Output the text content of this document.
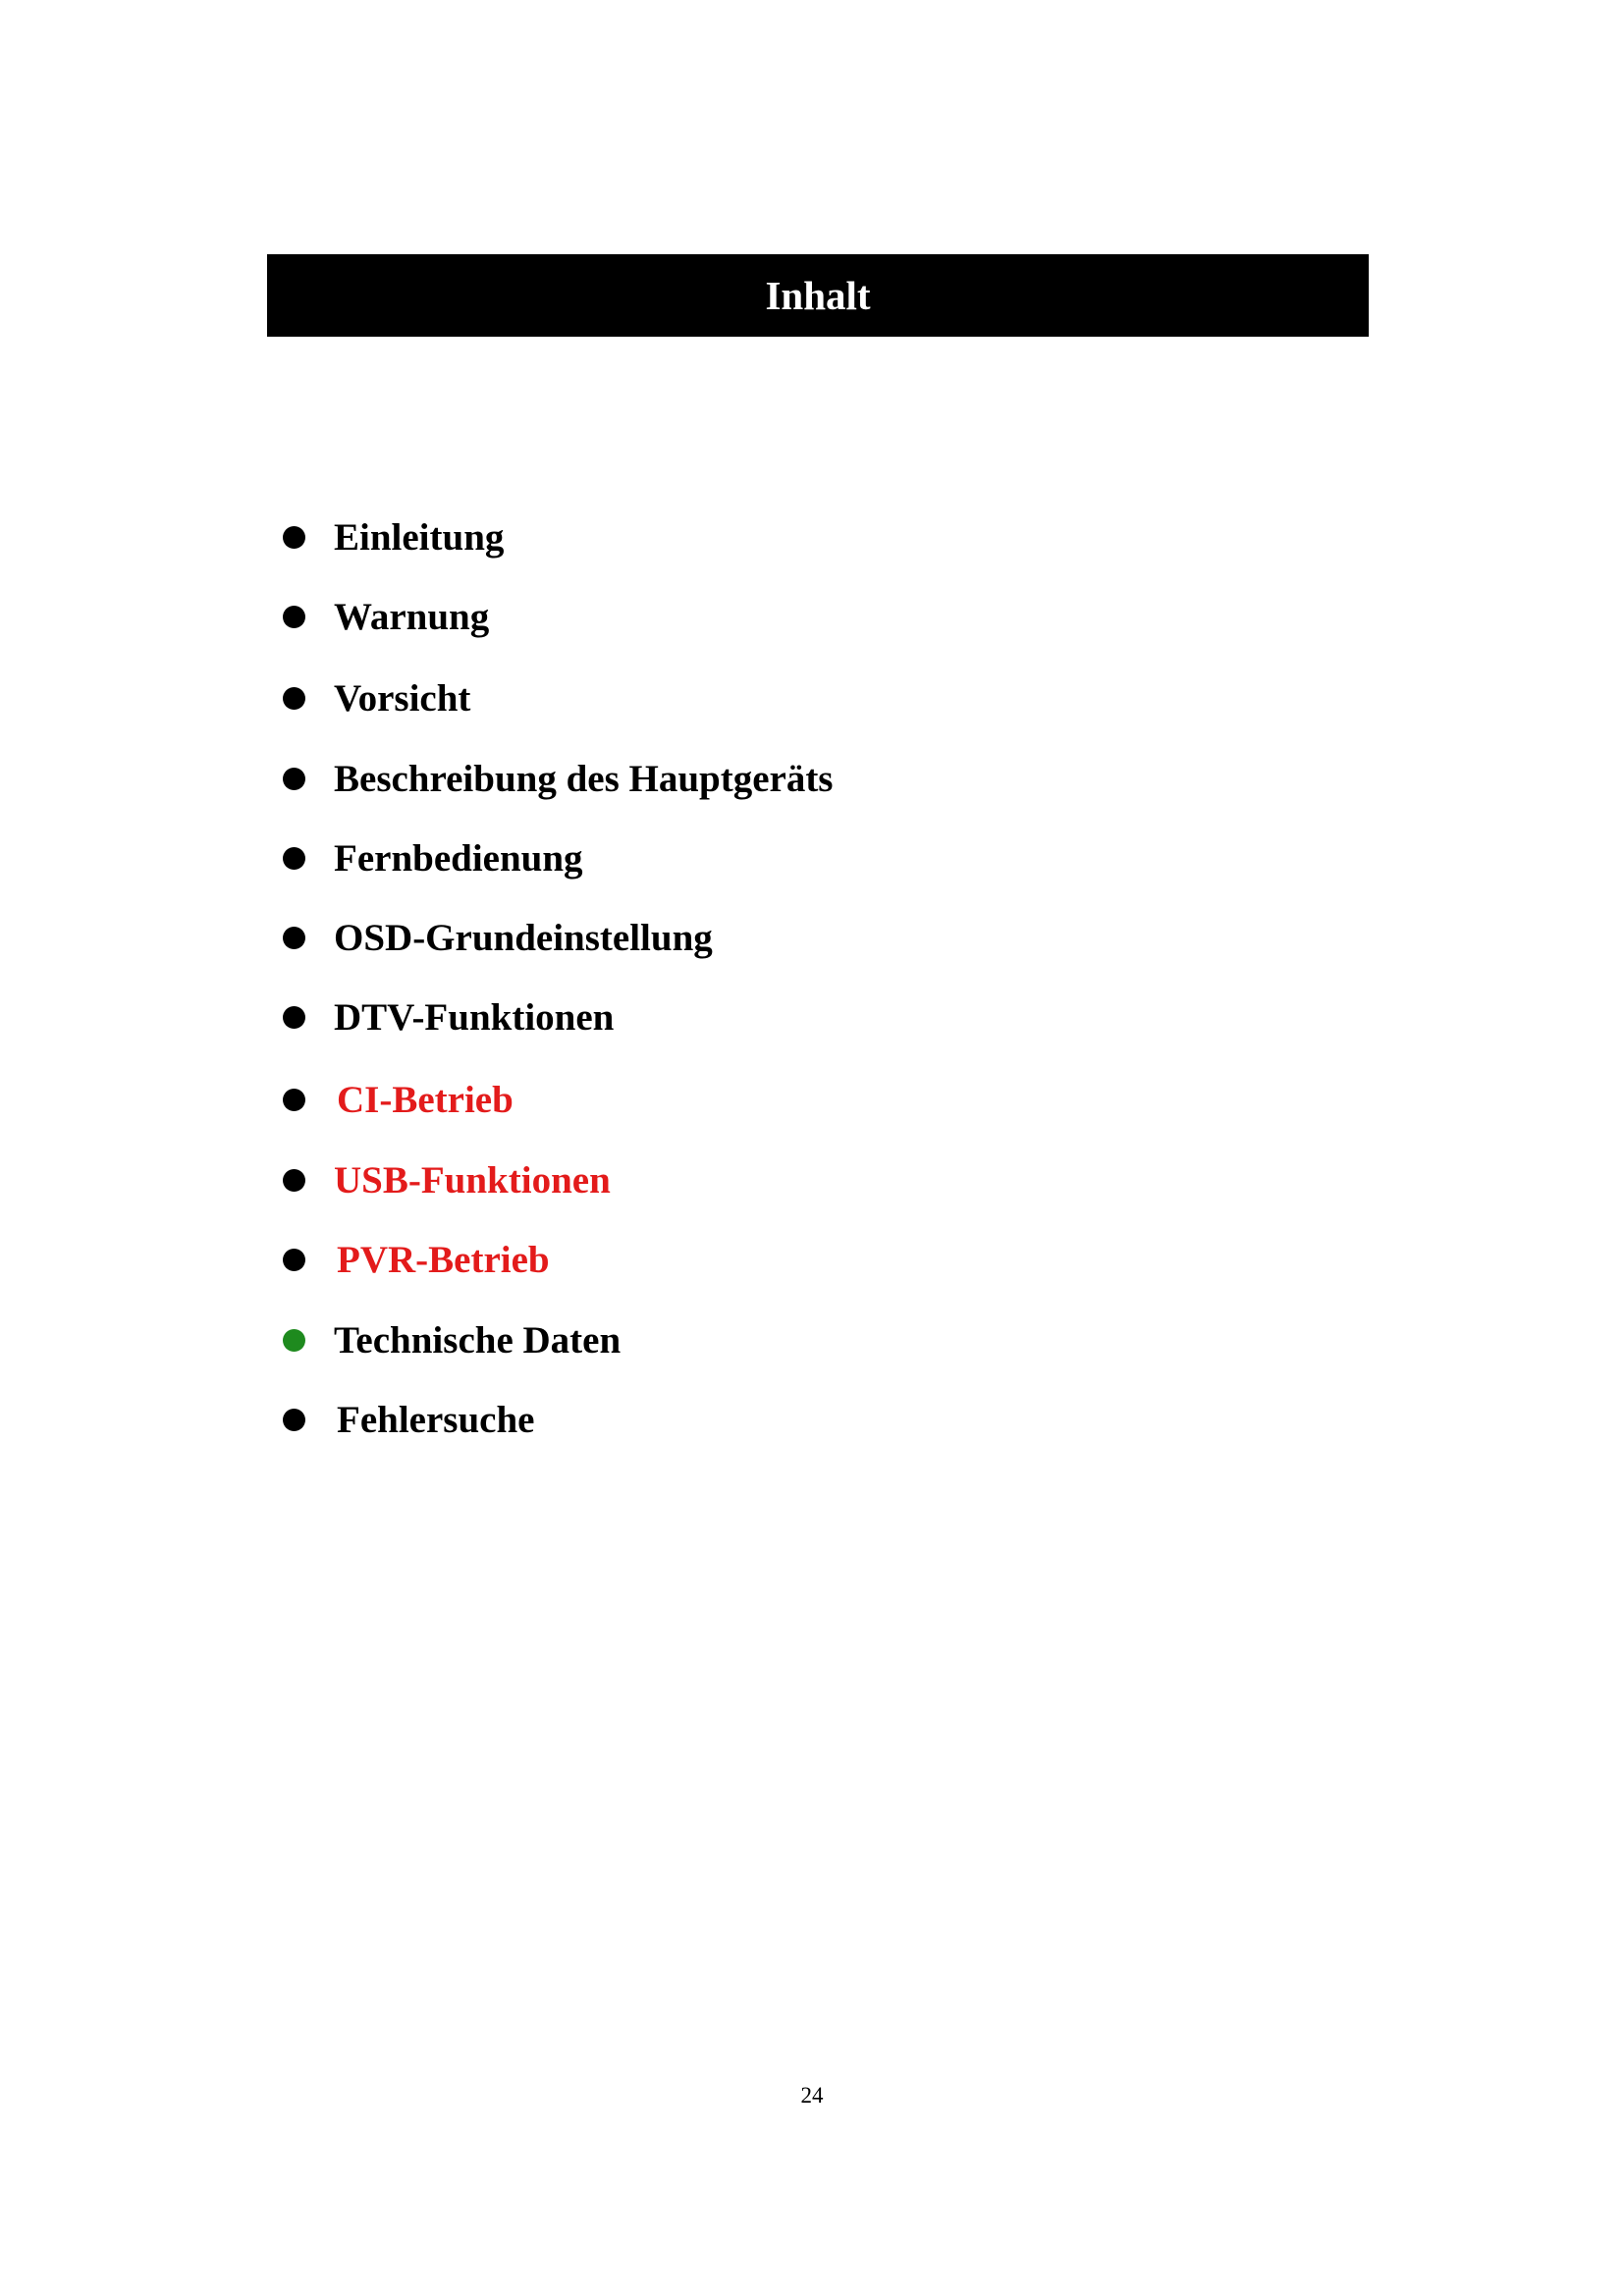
Inhalt
Einleitung
Warnung
Vorsicht
Beschreibung des Hauptgeräts
Fernbedienung
OSD-Grundeinstellung
DTV-Funktionen
CI-Betrieb
USB-Funktionen
PVR-Betrieb
Technische Daten
Fehlersuche
24
